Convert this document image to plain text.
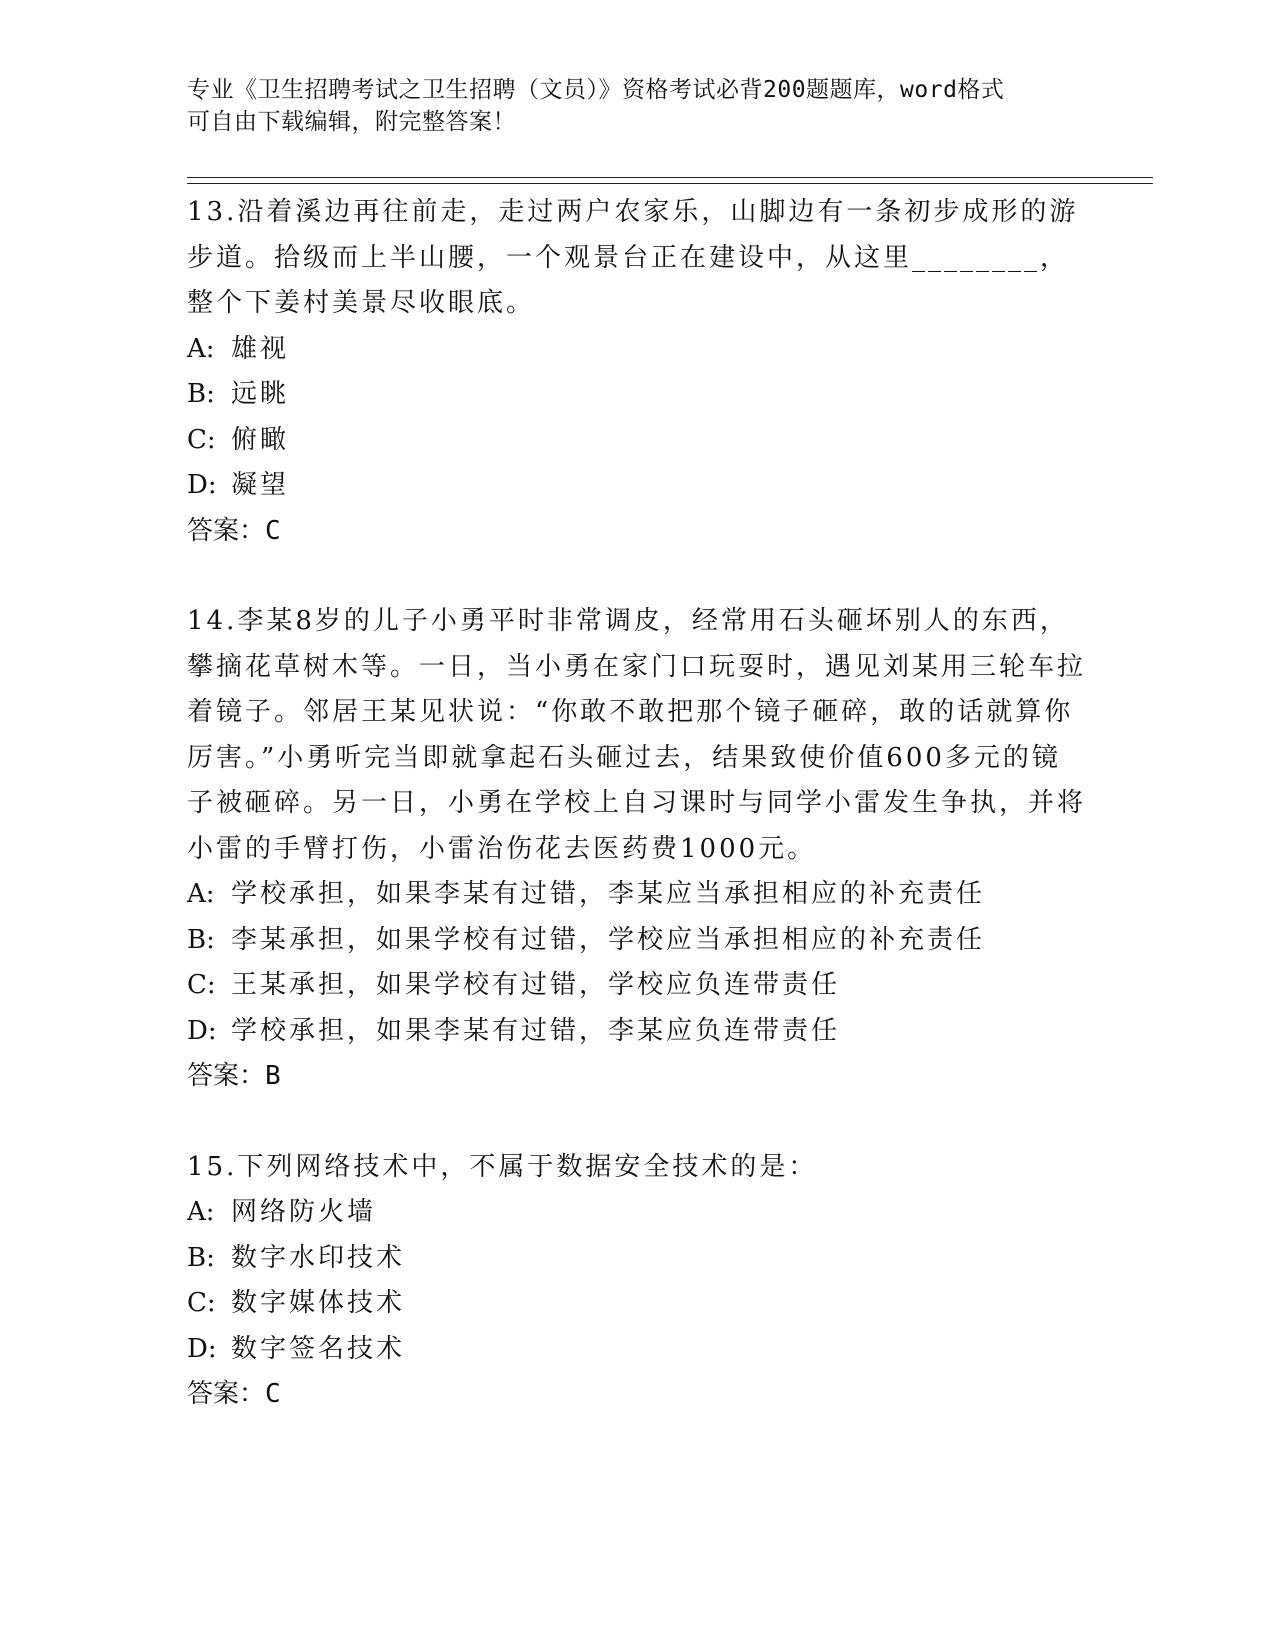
专业《卫生招聘考试之卫生招聘（文员）》资格考试必背200题题库，word格式
可自由下载编辑，附完整答案！

13.沿着溪边再往前走，走过两户农家乐，山脚边有一条初步成形的游步道。拾级而上半山腰，一个观景台正在建设中，从这里________，整个下姜村美景尽收眼底。

A: 雄视

B: 远眺

C: 俯瞰

D: 凝望

答案：C

14.李某8岁的儿子小勇平时非常调皮，经常用石头砸坏别人的东西，攀摘花草树木等。一日，当小勇在家门口玩耍时，遇见刘某用三轮车拉着镜子。邻居王某见状说：“你敢不敢把那个镜子砸碎，敢的话就算你厉害。”小勇听完当即就拿起石头砸过去，结果致使价值600多元的镜子被砸碎。另一日，小勇在学校上自习课时与同学小雷发生争执，并将小雷的手臂打伤，小雷治伤花去医药费1000元。

A: 学校承担，如果李某有过错，李某应当承担相应的补充责任

B: 李某承担，如果学校有过错，学校应当承担相应的补充责任

C: 王某承担，如果学校有过错，学校应负连带责任

D: 学校承担，如果李某有过错，李某应负连带责任

答案：B

15.下列网络技术中，不属于数据安全技术的是：

A: 网络防火墙

B: 数字水印技术

C: 数字媒体技术

D: 数字签名技术

答案：C
